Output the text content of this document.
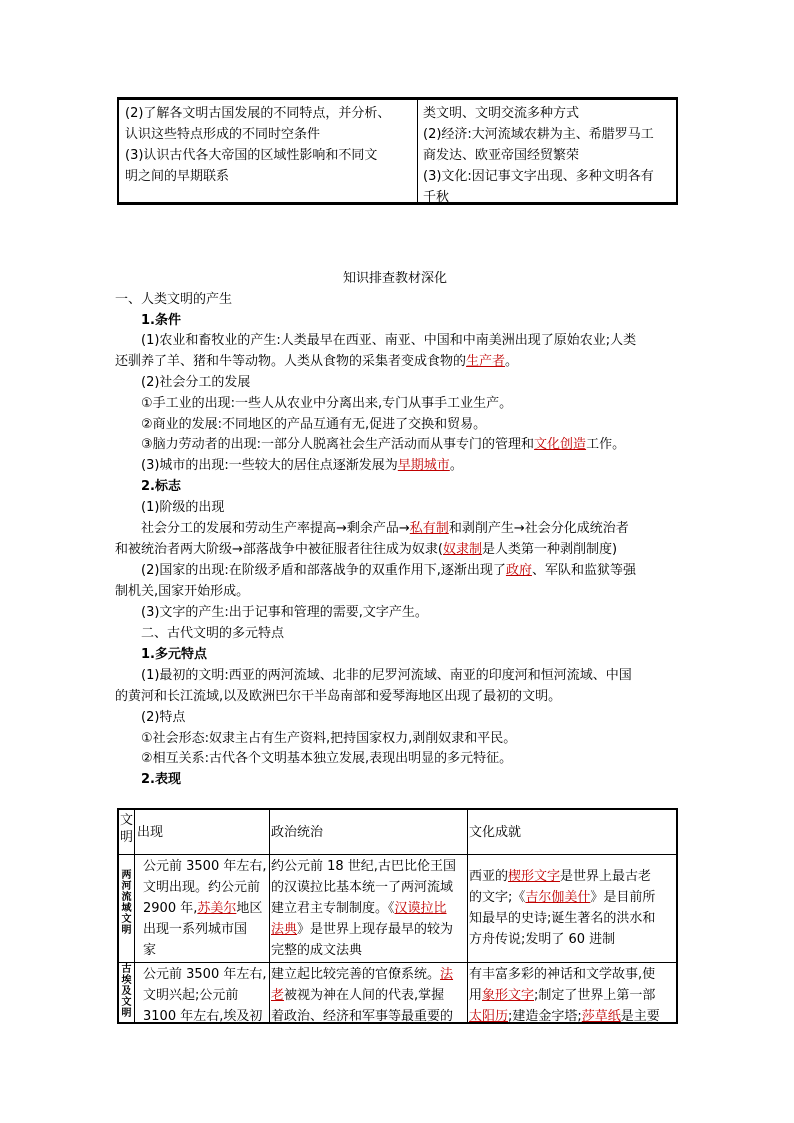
(2)了解各文明古国发展的不同特点，并分析、
认识这些特点形成的不同时空条件
(3)认识古代各大帝国的区域性影响和不同文
明之间的早期联系
类文明、文明交流多种方式
(2)经济:大河流域农耕为主、希腊罗马工
商发达、欧亚帝国经贸繁荣
(3)文化:因记事文字出现、多种文明各有
千秋
知识排查教材深化
一、人类文明的产生
1.条件
(1)农业和畜牧业的产生:人类最早在西亚、南亚、中国和中南美洲出现了原始农业;人类
还驯养了羊、猪和牛等动物。人类从食物的采集者变成食物的生产者。
(2)社会分工的发展
①手工业的出现:一些人从农业中分离出来,专门从事手工业生产。
②商业的发展:不同地区的产品互通有无,促进了交换和贸易。
③脑力劳动者的出现:一部分人脱离社会生产活动而从事专门的管理和文化创造工作。
(3)城市的出现:一些较大的居住点逐渐发展为早期城市。
2.标志
(1)阶级的出现
社会分工的发展和劳动生产率提高→剩余产品→私有制和剥削产生→社会分化成统治者
和被统治者两大阶级→部落战争中被征服者往往成为奴隶(奴隶制是人类第一种剥削制度)
(2)国家的出现:在阶级矛盾和部落战争的双重作用下,逐渐出现了政府、军队和监狱等强
制机关,国家开始形成。
(3)文字的产生:出于记事和管理的需要,文字产生。
二、古代文明的多元特点
1.多元特点
(1)最初的文明:西亚的两河流域、北非的尼罗河流域、南亚的印度河和恒河流域、中国
的黄河和长江流域,以及欧洲巴尔干半岛南部和爱琴海地区出现了最初的文明。
(2)特点
①社会形态:奴隶主占有生产资料,把持国家权力,剥削奴隶和平民。
②相互关系:古代各个文明基本独立发展,表现出明显的多元特征。
2.表现
文
明 出现	政治统治	文化成就
两
河
流
域
文
明
公元前 3500 年左右,
文明出现。约公元前
2900 年,苏美尔地区
出现一系列城市国
家
约公元前 18 世纪,古巴比伦王国
的汉谟拉比基本统一了两河流域
建立君主专制制度。《汉谟拉比
法典》是世界上现存最早的较为
完整的成文法典
西亚的楔形文字是世界上最古老
的文字;《吉尔伽美什》是目前所
知最早的史诗;诞生著名的洪水和
方舟传说;发明了 60 进制
古
埃
及
文
明
公元前 3500 年左右,
文明兴起;公元前
3100 年左右,埃及初
建立起比较完善的官僚系统。法
老被视为神在人间的代表,掌握
着政治、经济和军事等最重要的
有丰富多彩的神话和文学故事,使
用象形文字;制定了世界上第一部
太阳历;建造金字塔;莎草纸是主要
